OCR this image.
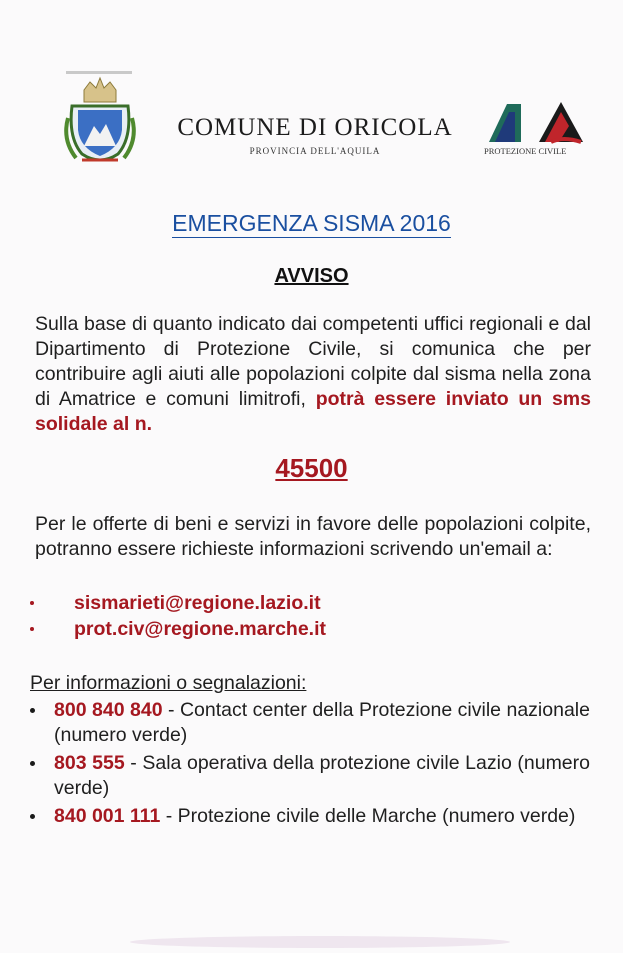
COMUNE DI ORICOLA
PROVINCIA DELL'AQUILA	PROTEZIONE CIVILE
EMERGENZA SISMA 2016
AVVISO
Sulla base di quanto indicato dai competenti uffici regionali e dal Dipartimento di Protezione Civile, si comunica che per contribuire agli aiuti alle popolazioni colpite dal sisma nella zona di Amatrice e comuni limitrofi, potrà essere inviato un sms solidale al n.
45500
Per le offerte di beni e servizi in favore delle popolazioni colpite, potranno essere richieste informazioni scrivendo un'email a:
sismarieti@regione.lazio.it
prot.civ@regione.marche.it
Per informazioni o segnalazioni:
800 840 840 - Contact center della Protezione civile nazionale (numero verde)
803 555 - Sala operativa della protezione civile Lazio (numero verde)
840 001 111 - Protezione civile delle Marche (numero verde)
